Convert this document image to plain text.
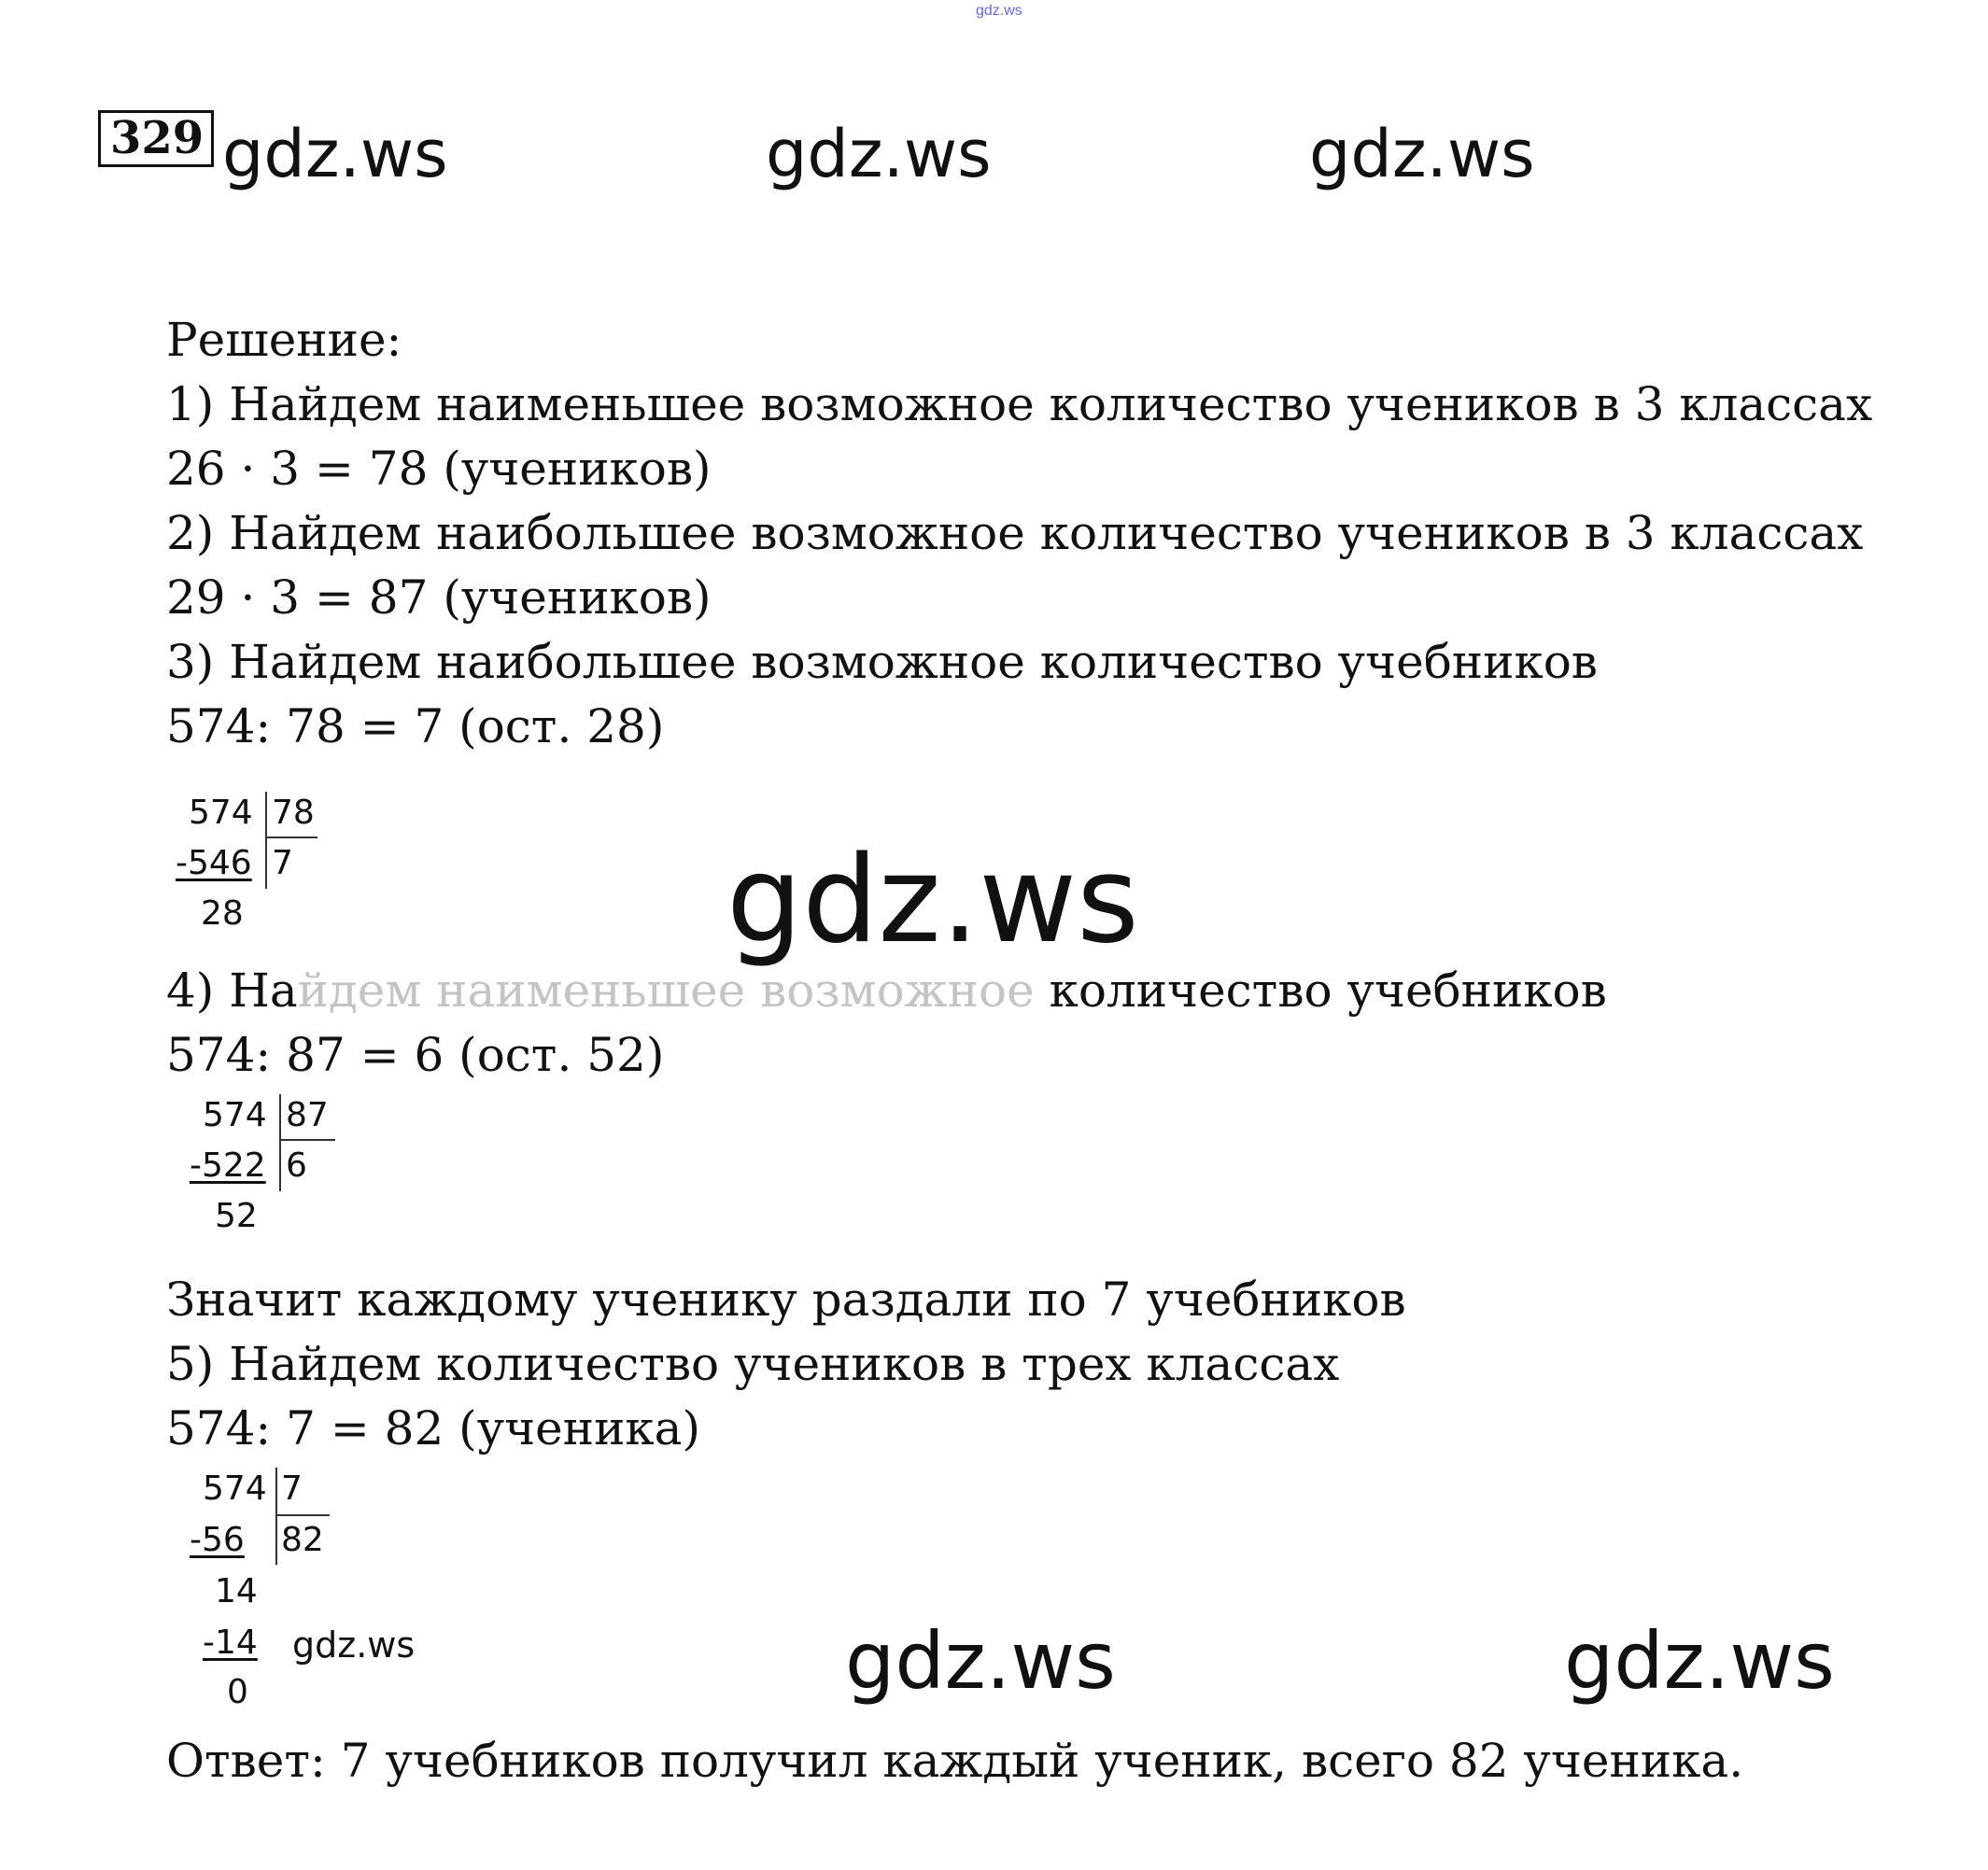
gdz.ws
329 gdz.ws	gdz.ws	gdz.ws
Решение:
1) Найдем наименьшее возможное количество учеников в 3 классах
26 · 3 = 78 (учеников)
2) Найдем наибольшее возможное количество учеников в 3 классах
29 · 3 = 87 (учеников)
3) Найдем наибольшее возможное количество учебников
574: 78 = 7 (ост. 28)
574 78
-546 7
28	gdz.ws
4) Найдем наименьшее возможное количество учебников
574: 87 = 6 (ост. 52)
574 87
-522 6
52
Значит каждому ученику раздали по 7 учебников
5) Найдем количество учеников в трех классах
574: 7 = 82 (ученика)
574 7
-56 82
14
-14
0
gdz.ws	gdz.ws	gdz.ws
Ответ: 7 учебников получил каждый ученик, всего 82 ученика.
